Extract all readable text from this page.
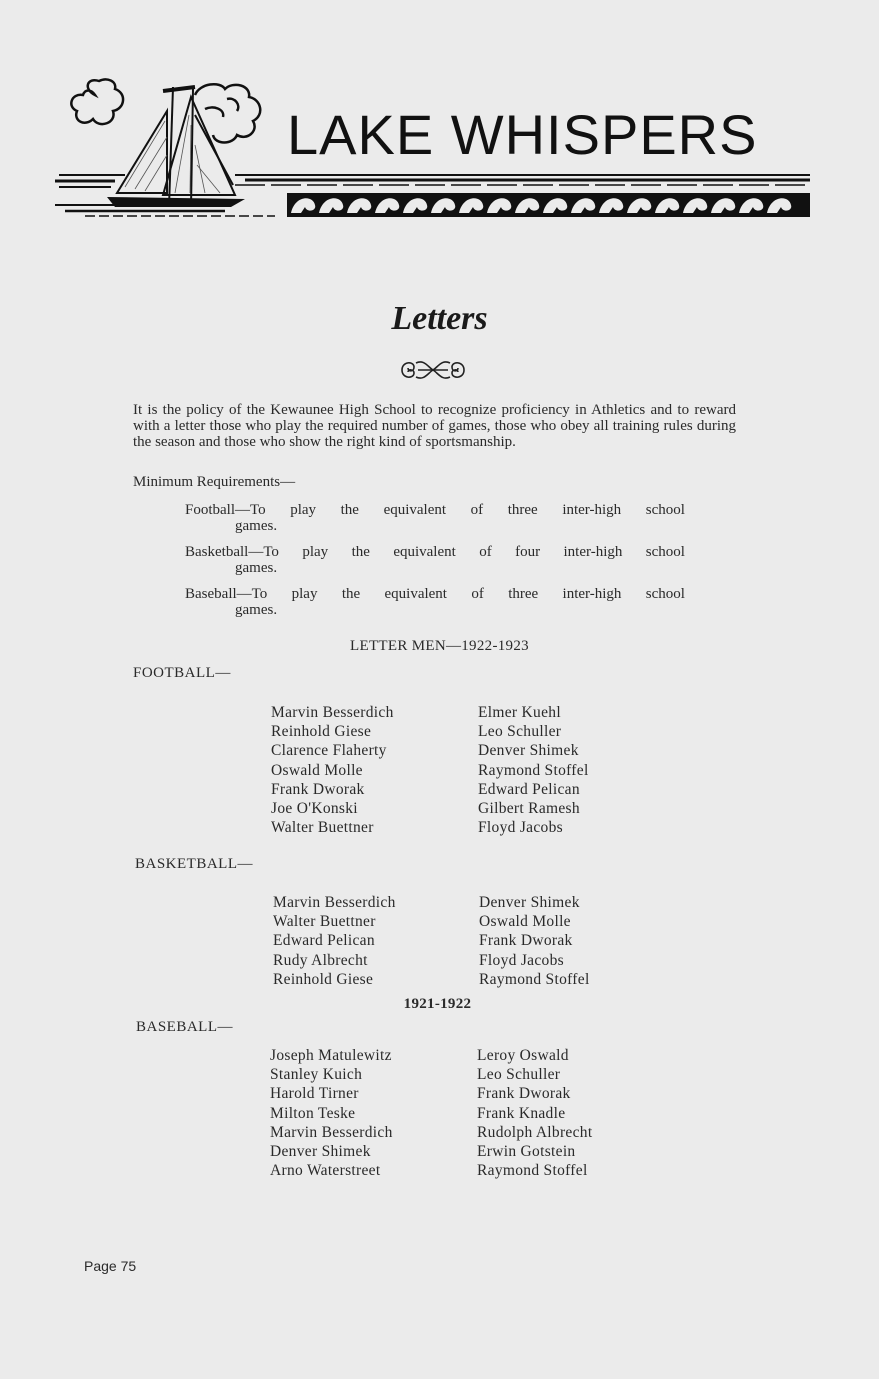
LAKE WHISPERS
Letters
It is the policy of the Kewaunee High School to recognize proficiency in Athletics and to reward with a letter those who play the required number of games, those who obey all training rules during the season and those who show the right kind of sportsmanship.
Minimum Requirements—
Football—To play the equivalent of three inter-high school
games.
Basketball—To play the equivalent of four inter-high school
games.
Baseball—To play the equivalent of three inter-high school
games.
LETTER MEN—1922-1923
FOOTBALL—
Marvin Besserdich
Reinhold Giese
Clarence Flaherty
Oswald Molle
Frank Dworak
Joe O'Konski
Walter Buettner
Elmer Kuehl
Leo Schuller
Denver Shimek
Raymond Stoffel
Edward Pelican
Gilbert Ramesh
Floyd Jacobs
BASKETBALL—
Marvin Besserdich
Walter Buettner
Edward Pelican
Rudy Albrecht
Reinhold Giese
Denver Shimek
Oswald Molle
Frank Dworak
Floyd Jacobs
Raymond Stoffel
1921-1922
BASEBALL—
Joseph Matulewitz
Stanley Kuich
Harold Tirner
Milton Teske
Marvin Besserdich
Denver Shimek
Arno Waterstreet
Leroy Oswald
Leo Schuller
Frank Dworak
Frank Knadle
Rudolph Albrecht
Erwin Gotstein
Raymond Stoffel
Page 75
